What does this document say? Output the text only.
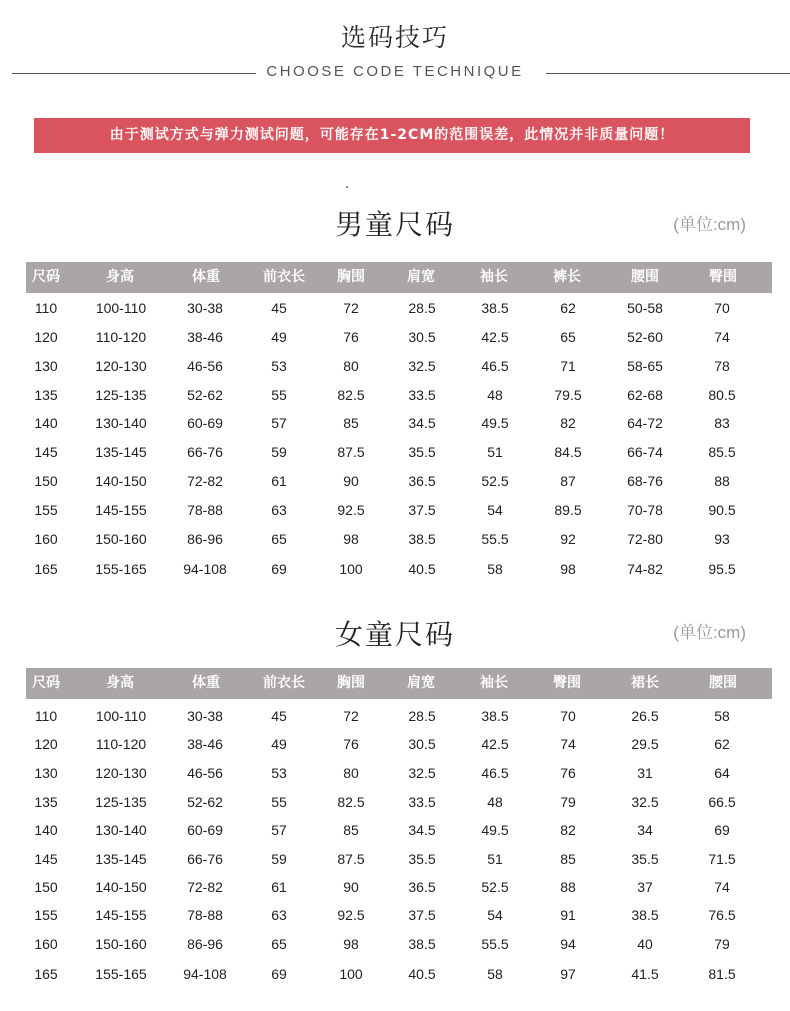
选码技巧
CHOOSE CODE TECHNIQUE
由于测试方式与弹力测试问题，可能存在1-2CM的范围误差，此情况并非质量问题！
男童尺码	(单位:cm)
尺码	身高	体重	前衣长 胸围	肩宽	袖长	裤长	腰围	臀围
110	100-110	30-38	45	72	28.5	38.5	62	50-58	70
120	110-120	38-46	49	76	30.5	42.5	65	52-60	74
130	120-130	46-56	53	80	32.5	46.5	71	58-65	78
135	125-135	52-62	55	82.5	33.5	48	79.5	62-68	80.5
140	130-140	60-69	57	85	34.5	49.5	82	64-72	83
145	135-145	66-76	59	87.5	35.5	51	84.5	66-74	85.5
150	140-150	72-82	61	90	36.5	52.5	87	68-76	88
155	145-155	78-88	63	92.5	37.5	54	89.5	70-78	90.5
160	150-160	86-96	65	98	38.5	55.5	92	72-80	93
165	155-165	94-108	69	100	40.5	58	98	74-82	95.5
女童尺码	(单位:cm)
尺码	身高	体重	前衣长 胸围	肩宽	袖长	臀围	裙长	腰围
110	100-110	30-38	45	72	28.5	38.5	70	26.5	58
120	110-120	38-46	49	76	30.5	42.5	74	29.5	62
130	120-130	46-56	53	80	32.5	46.5	76	31	64
135	125-135	52-62	55	82.5	33.5	48	79	32.5	66.5
140	130-140	60-69	57	85	34.5	49.5	82	34	69
145	135-145	66-76	59	87.5	35.5	51	85	35.5	71.5
150	140-150	72-82	61	90	36.5	52.5	88	37	74
155	145-155	78-88	63	92.5	37.5	54	91	38.5	76.5
160	150-160	86-96	65	98	38.5	55.5	94	40	79
165	155-165	94-108	69	100	40.5	58	97	41.5	81.5
